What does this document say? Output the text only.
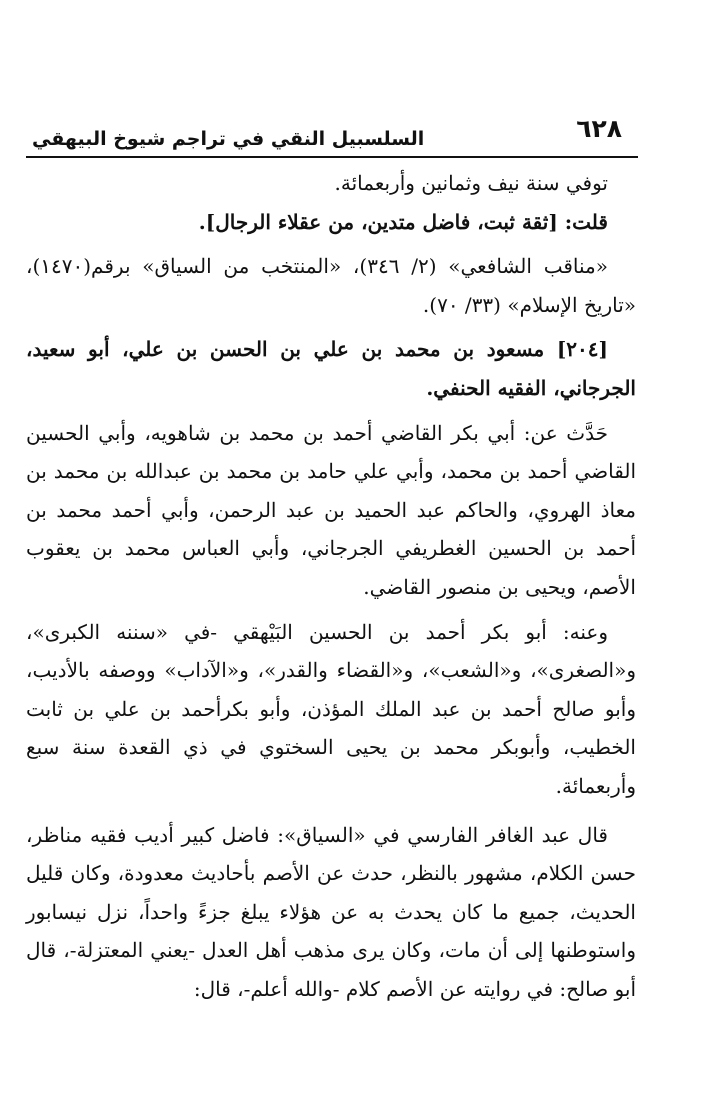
٦٢٨
السلسبيل النقي في تراجم شيوخ البيهقي

توفي سنة نيف وثمانين وأربعمائة.

قلت: [ثقة ثبت، فاضل متدين، من عقلاء الرجال].

«مناقب الشافعي» (٢/ ٣٤٦)، «المنتخب من السياق» برقم(١٤٧٠)، «تاريخ الإسلام» (٣٣/ ٧٠).

[٢٠٤] مسعود بن محمد بن علي بن الحسن بن علي، أبو سعيد، الجرجاني، الفقيه الحنفي.

حَدَّث عن: أبي بكر القاضي أحمد بن محمد بن شاهويه، وأبي الحسين القاضي أحمد بن محمد، وأبي علي حامد بن محمد بن عبدالله بن محمد بن معاذ الهروي، والحاكم عبد الحميد بن عبد الرحمن، وأبي أحمد محمد بن أحمد بن الحسين الغطريفي الجرجاني، وأبي العباس محمد بن يعقوب الأصم، ويحيى بن منصور القاضي.

وعنه: أبو بكر أحمد بن الحسين البَيْهقي -في «سننه الكبرى»، و«الصغرى»، و«الشعب»، و«القضاء والقدر»، و«الآداب» ووصفه بالأديب، وأبو صالح أحمد بن عبد الملك المؤذن، وأبو بكرأحمد بن علي بن ثابت الخطيب، وأبوبكر محمد بن يحيى السختوي في ذي القعدة سنة سبع وأربعمائة.

قال عبد الغافر الفارسي في «السياق»: فاضل كبير أديب فقيه مناظر، حسن الكلام، مشهور بالنظر، حدث عن الأصم بأحاديث معدودة، وكان قليل الحديث، جميع ما كان يحدث به عن هؤلاء يبلغ جزءً واحداً، نزل نيسابور واستوطنها إلى أن مات، وكان يرى مذهب أهل العدل -يعني المعتزلة-، قال أبو صالح: في روايته عن الأصم كلام -والله أعلم-، قال:
